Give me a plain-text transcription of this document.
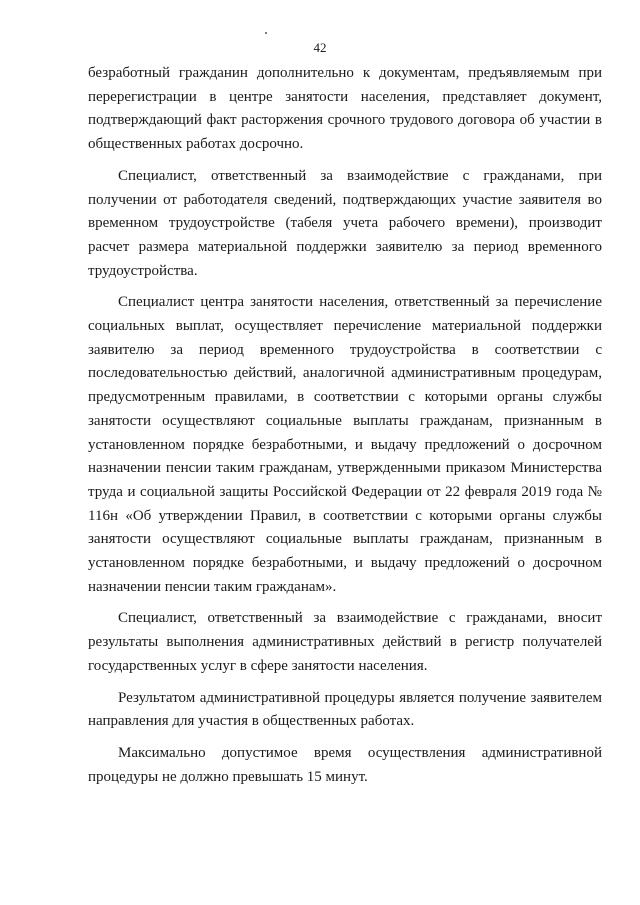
42

безработный гражданин дополнительно к документам, предъявляемым при перерегистрации в центре занятости населения, представляет документ, подтверждающий факт расторжения срочного трудового договора об участии в общественных работах досрочно.

Специалист, ответственный за взаимодействие с гражданами, при получении от работодателя сведений, подтверждающих участие заявителя во временном трудоустройстве (табеля учета рабочего времени), производит расчет размера материальной поддержки заявителю за период временного трудоустройства.

Специалист центра занятости населения, ответственный за перечисление социальных выплат, осуществляет перечисление материальной поддержки заявителю за период временного трудоустройства в соответствии с последовательностью действий, аналогичной административным процедурам, предусмотренным правилами, в соответствии с которыми органы службы занятости осуществляют социальные выплаты гражданам, признанным в установленном порядке безработными, и выдачу предложений о досрочном назначении пенсии таким гражданам, утвержденными приказом Министерства труда и социальной защиты Российской Федерации от 22 февраля 2019 года № 116н «Об утверждении Правил, в соответствии с которыми органы службы занятости осуществляют социальные выплаты гражданам, признанным в установленном порядке безработными, и выдачу предложений о досрочном назначении пенсии таким гражданам».

Специалист, ответственный за взаимодействие с гражданами, вносит результаты выполнения административных действий в регистр получателей государственных услуг в сфере занятости населения.

Результатом административной процедуры является получение заявителем направления для участия в общественных работах.

Максимально допустимое время осуществления административной процедуры не должно превышать 15 минут.
